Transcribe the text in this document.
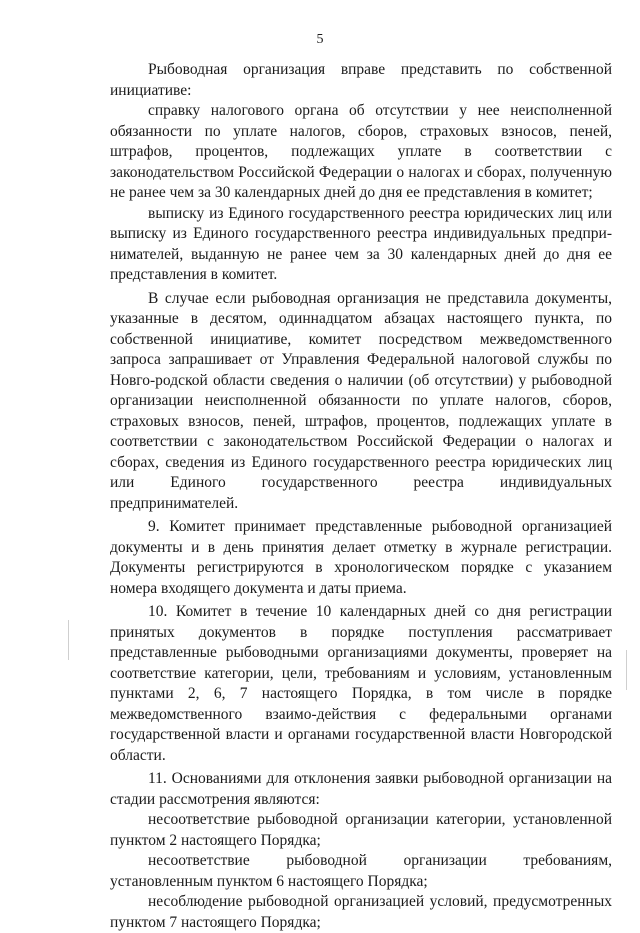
5

Рыбоводная организация вправе представить по собственной инициативе:

справку налогового органа об отсутствии у нее неисполненной обязанности по уплате налогов, сборов, страховых взносов, пеней, штрафов, процентов, подлежащих уплате в соответствии с законодательством Российской Федерации о налогах и сборах, полученную не ранее чем за 30 календарных дней до дня ее представления в комитет;

выписку из Единого государственного реестра юридических лиц или выписку из Единого государственного реестра индивидуальных предпри-нимателей, выданную не ранее чем за 30 календарных дней до дня ее представления в комитет.

В случае если рыбоводная организация не представила документы, указанные в десятом, одиннадцатом абзацах настоящего пункта, по собственной инициативе, комитет посредством межведомственного запроса запрашивает от Управления Федеральной налоговой службы по Новго-родской области сведения о наличии (об отсутствии) у рыбоводной организации неисполненной обязанности по уплате налогов, сборов, страховых взносов, пеней, штрафов, процентов, подлежащих уплате в соответствии с законодательством Российской Федерации о налогах и сборах, сведения из Единого государственного реестра юридических лиц или Единого государственного реестра индивидуальных предпринимателей.

9. Комитет принимает представленные рыбоводной организацией документы и в день принятия делает отметку в журнале регистрации. Документы регистрируются в хронологическом порядке с указанием номера входящего документа и даты приема.

10. Комитет в течение 10 календарных дней со дня регистрации принятых документов в порядке поступления рассматривает представленные рыбоводными организациями документы, проверяет на соответствие категории, цели, требованиям и условиям, установленным пунктами 2, 6, 7 настоящего Порядка, в том числе в порядке межведомственного взаимо-действия с федеральными органами государственной власти и органами государственной власти Новгородской области.

11. Основаниями для отклонения заявки рыбоводной организации на стадии рассмотрения являются:

несоответствие рыбоводной организации категории, установленной пунктом 2 настоящего Порядка;

несоответствие рыбоводной организации требованиям, установленным пунктом 6 настоящего Порядка;

несоблюдение рыбоводной организацией условий, предусмотренных пунктом 7 настоящего Порядка;
